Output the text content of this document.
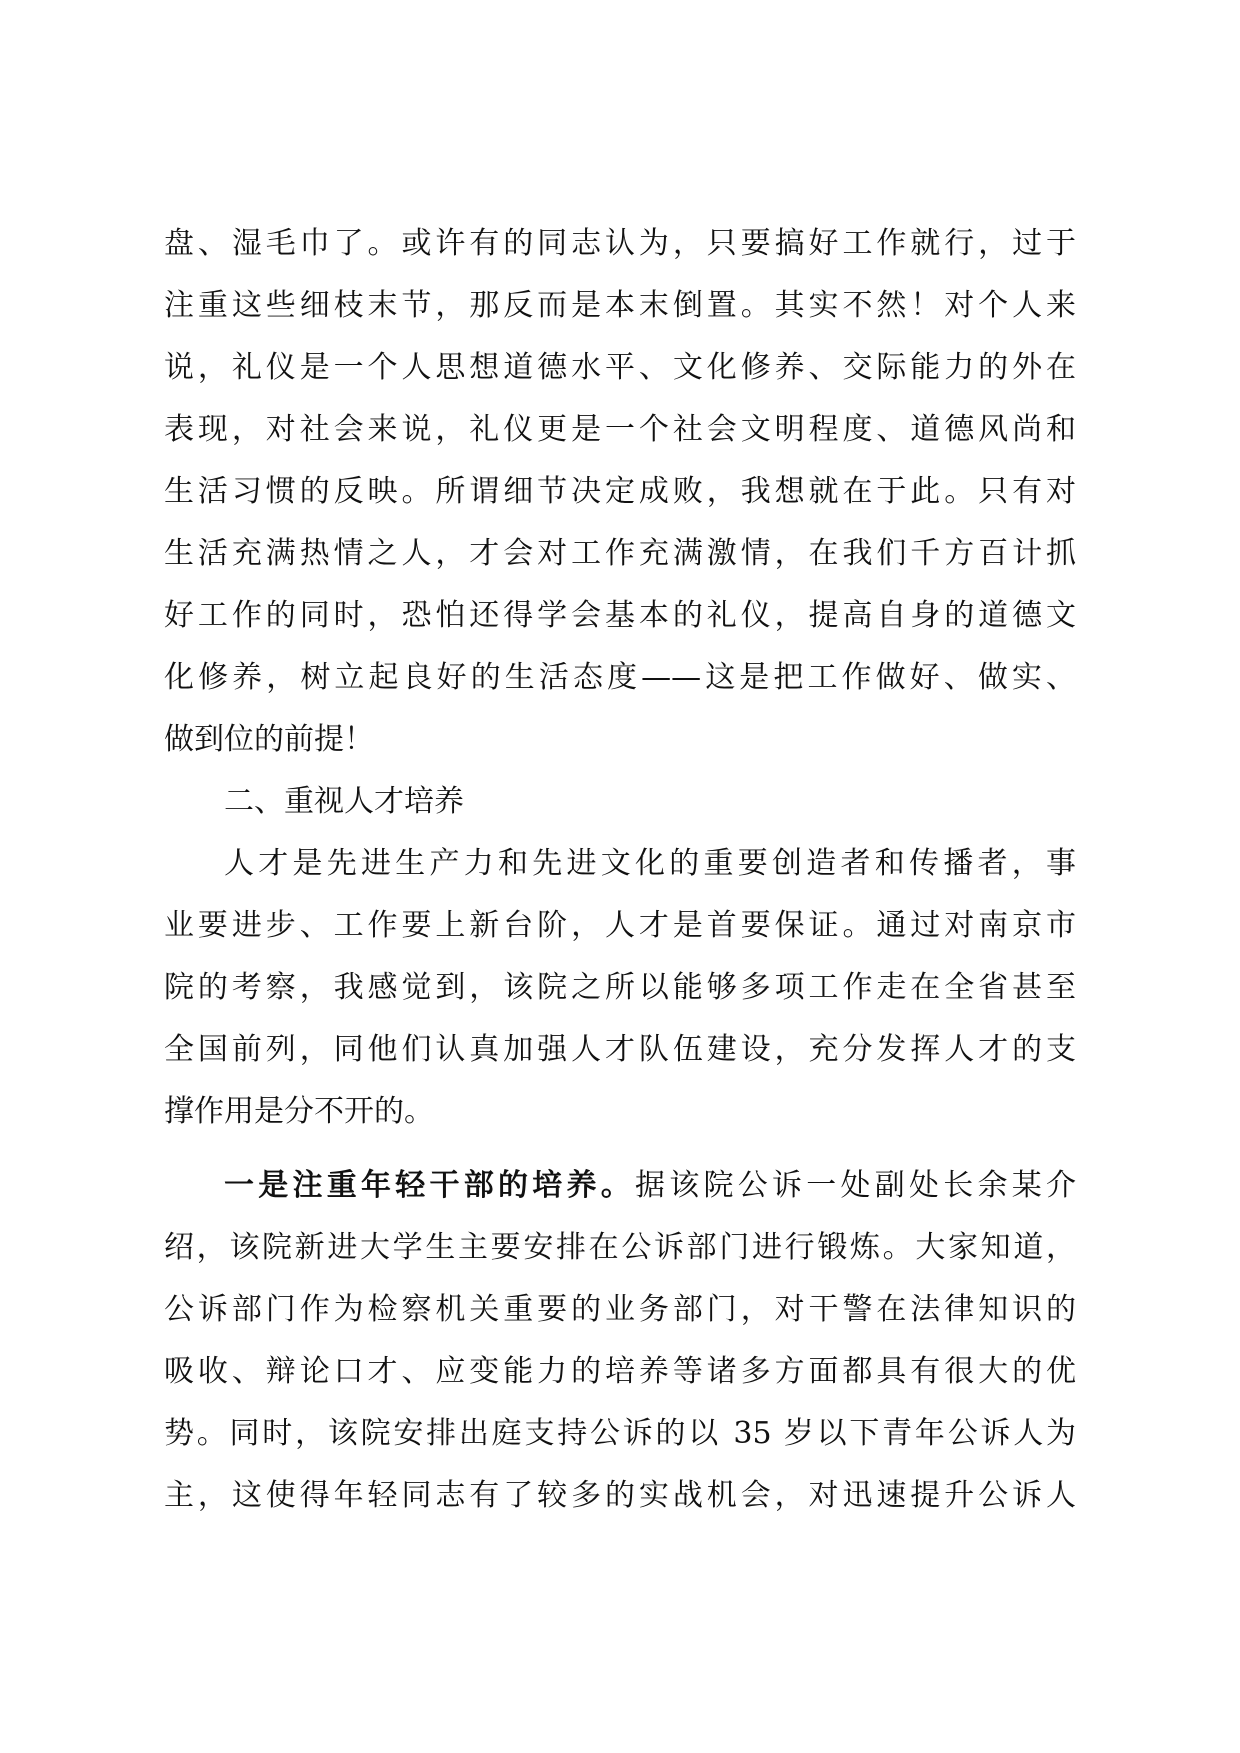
盘、湿毛巾了。或许有的同志认为，只要搞好工作就行，过于
注重这些细枝末节，那反而是本末倒置。其实不然！对个人来
说，礼仪是一个人思想道德水平、文化修养、交际能力的外在
表现，对社会来说，礼仪更是一个社会文明程度、道德风尚和
生活习惯的反映。所谓细节决定成败，我想就在于此。只有对
生活充满热情之人，才会对工作充满激情，在我们千方百计抓
好工作的同时，恐怕还得学会基本的礼仪，提高自身的道德文
化修养，树立起良好的生活态度——这是把工作做好、做实、
做到位的前提！
二、重视人才培养
人才是先进生产力和先进文化的重要创造者和传播者，事
业要进步、工作要上新台阶，人才是首要保证。通过对南京市
院的考察，我感觉到，该院之所以能够多项工作走在全省甚至
全国前列，同他们认真加强人才队伍建设，充分发挥人才的支
撑作用是分不开的。
一是注重年轻干部的培养。据该院公诉一处副处长余某介
绍，该院新进大学生主要安排在公诉部门进行锻炼。大家知道，
公诉部门作为检察机关重要的业务部门，对干警在法律知识的
吸收、辩论口才、应变能力的培养等诸多方面都具有很大的优
势。同时，该院安排出庭支持公诉的以 35 岁以下青年公诉人为
主，这使得年轻同志有了较多的实战机会，对迅速提升公诉人
